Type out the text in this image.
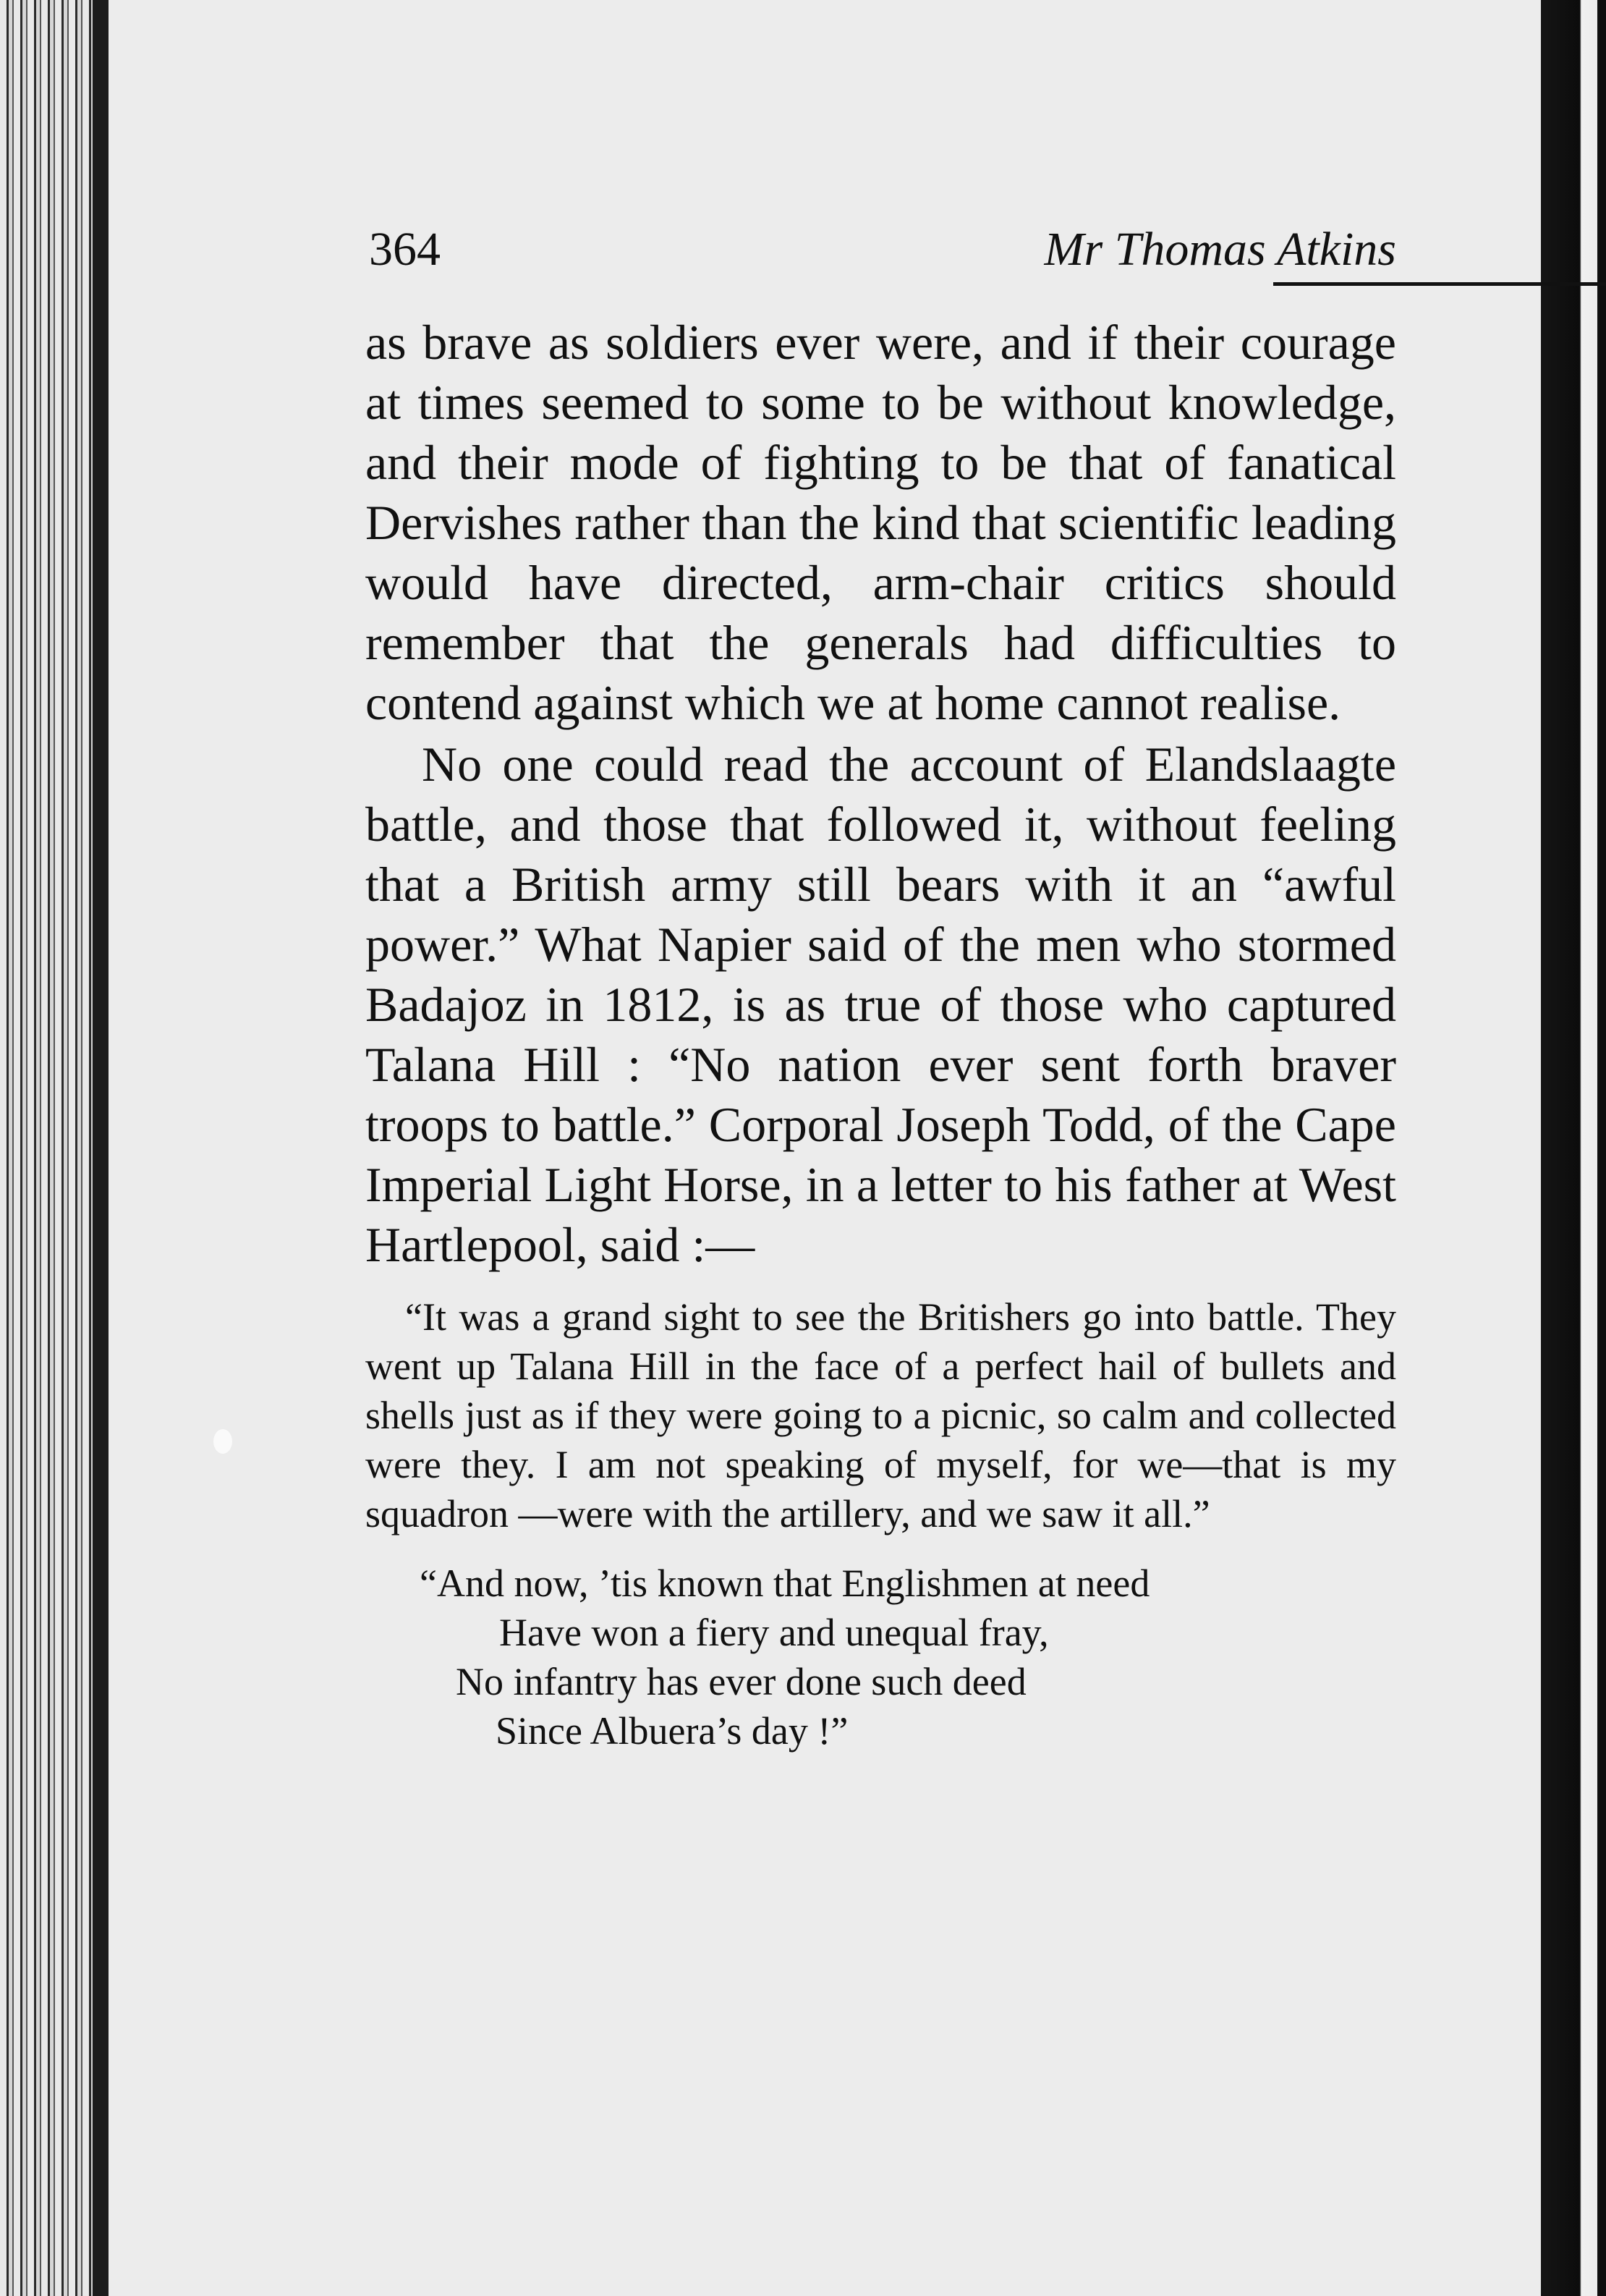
364	Mr Thomas Atkins

as brave as soldiers ever were, and if their courage at times seemed to some to be without knowledge, and their mode of fighting to be that of fanatical Dervishes rather than the kind that scientific leading would have directed, arm-chair critics should remember that the generals had difficulties to contend against which we at home cannot realise.

No one could read the account of Elandslaagte battle, and those that followed it, without feeling that a British army still bears with it an “awful power.” What Napier said of the men who stormed Badajoz in 1812, is as true of those who captured Talana Hill : “No nation ever sent forth braver troops to battle.” Corporal Joseph Todd, of the Cape Imperial Light Horse, in a letter to his father at West Hartlepool, said :—

“It was a grand sight to see the Britishers go into battle. They went up Talana Hill in the face of a perfect hail of bullets and shells just as if they were going to a picnic, so calm and collected were they. I am not speaking of myself, for we—that is my squadron —were with the artillery, and we saw it all.”

“And now, ’tis known that Englishmen at need
Have won a fiery and unequal fray,
No infantry has ever done such deed
Since Albuera’s day !”
